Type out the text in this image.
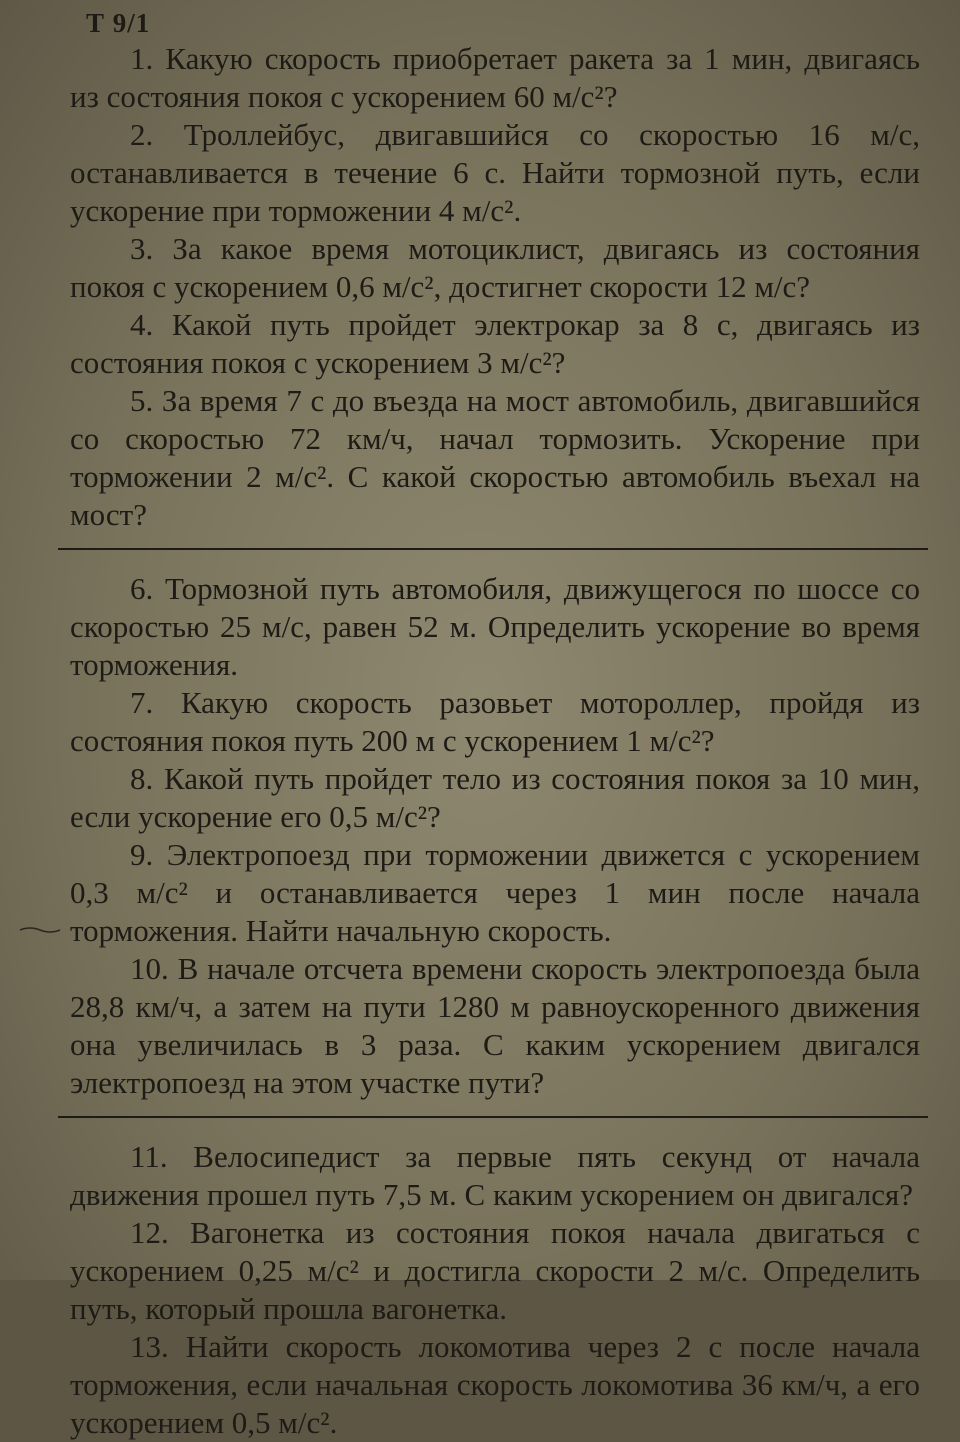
Т 9/1

1. Какую скорость приобретает ракета за 1 мин, двигаясь из состояния покоя с ускорением 60 м/с²?

2. Троллейбус, двигавшийся со скоростью 16 м/с, останавливается в течение 6 с. Найти тормозной путь, если ускорение при торможении 4 м/с².

3. За какое время мотоциклист, двигаясь из состояния покоя с ускорением 0,6 м/с², достигнет скорости 12 м/с?

4. Какой путь пройдет электрокар за 8 с, двигаясь из состояния покоя с ускорением 3 м/с²?

5. За время 7 с до въезда на мост автомобиль, двигавшийся со скоростью 72 км/ч, начал тормозить. Ускорение при торможении 2 м/с². С какой скоростью автомобиль въехал на мост?

6. Тормозной путь автомобиля, движущегося по шоссе со скоростью 25 м/с, равен 52 м. Определить ускорение во время торможения.

7. Какую скорость разовьет мотороллер, пройдя из состояния покоя путь 200 м с ускорением 1 м/с²?

8. Какой путь пройдет тело из состояния покоя за 10 мин, если ускорение его 0,5 м/с²?

9. Электропоезд при торможении движется с ускорением 0,3 м/с² и останавливается через 1 мин после начала торможения. Найти начальную скорость.

10. В начале отсчета времени скорость электропоезда была 28,8 км/ч, а затем на пути 1280 м равноускоренного движения она увеличилась в 3 раза. С каким ускорением двигался электропоезд на этом участке пути?

11. Велосипедист за первые пять секунд от начала движения прошел путь 7,5 м. С каким ускорением он двигался?

12. Вагонетка из состояния покоя начала двигаться с ускорением 0,25 м/с² и достигла скорости 2 м/с. Определить путь, который прошла вагонетка.

13. Найти скорость локомотива через 2 с после начала торможения, если начальная скорость локомотива 36 км/ч, а его ускорением 0,5 м/с².
